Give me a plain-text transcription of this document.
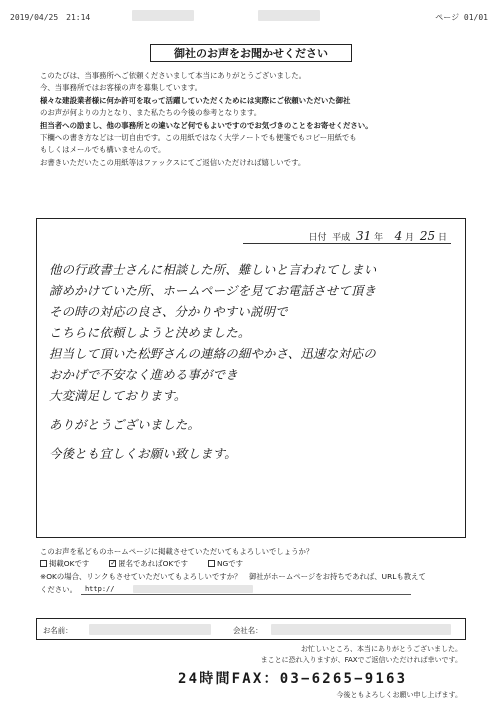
2019/04/25　21:14	ページ 01/01
御社のお声をお聞かせください

このたびは、当事務所へご依頼くださいまして本当にありがとうございました。

今、当事務所ではお客様の声を募集しています。

様々な建設業者様に何か許可を取って活躍していただくためには実際にご依頼いただいた御社

のお声が何よりの力となり、また私たちの今後の参考となります。

担当者への励まし、他の事務所との違いなど何でもよいですのでお気づきのことをお寄せください。

下欄への書き方などは一切自由です。この用紙ではなく大学ノートでも便箋でもコピー用紙でも

もしくはメールでも構いませんので。

お書きいただいたこの用紙等はファックスにてご返信いただければ嬉しいです。

日付 平成 31 年 4 月 25 日
他の行政書士さんに相談した所、難しいと言われてしまい
諦めかけていた所、ホームページを見てお電話させて頂き
その時の対応の良さ、分かりやすい説明で
こちらに依頼しようと決めました。
担当して頂いた松野さんの連絡の細やかさ、迅速な対応の
おかげで不安なく進める事ができ
大変満足しております。
ありがとうございました。
今後とも宜しくお願い致します。

このお声を私どものホームページに掲載させていただいてもよろしいでしょうか？

掲載OKです	✓ 匿名であればOKです	NGです

※OKの場合、リンクもさせていただいてもよろしいですか？　御社がホームページをお持ちであれば、URLも教えて

ください。	http://
お名前：	会社名：
お忙しいところ、本当にありがとうございました。
まことに恐れ入りますが、FAXでご返信いただければ幸いです。
24時間FAX：03−6265−9163
今後ともよろしくお願い申し上げます。
